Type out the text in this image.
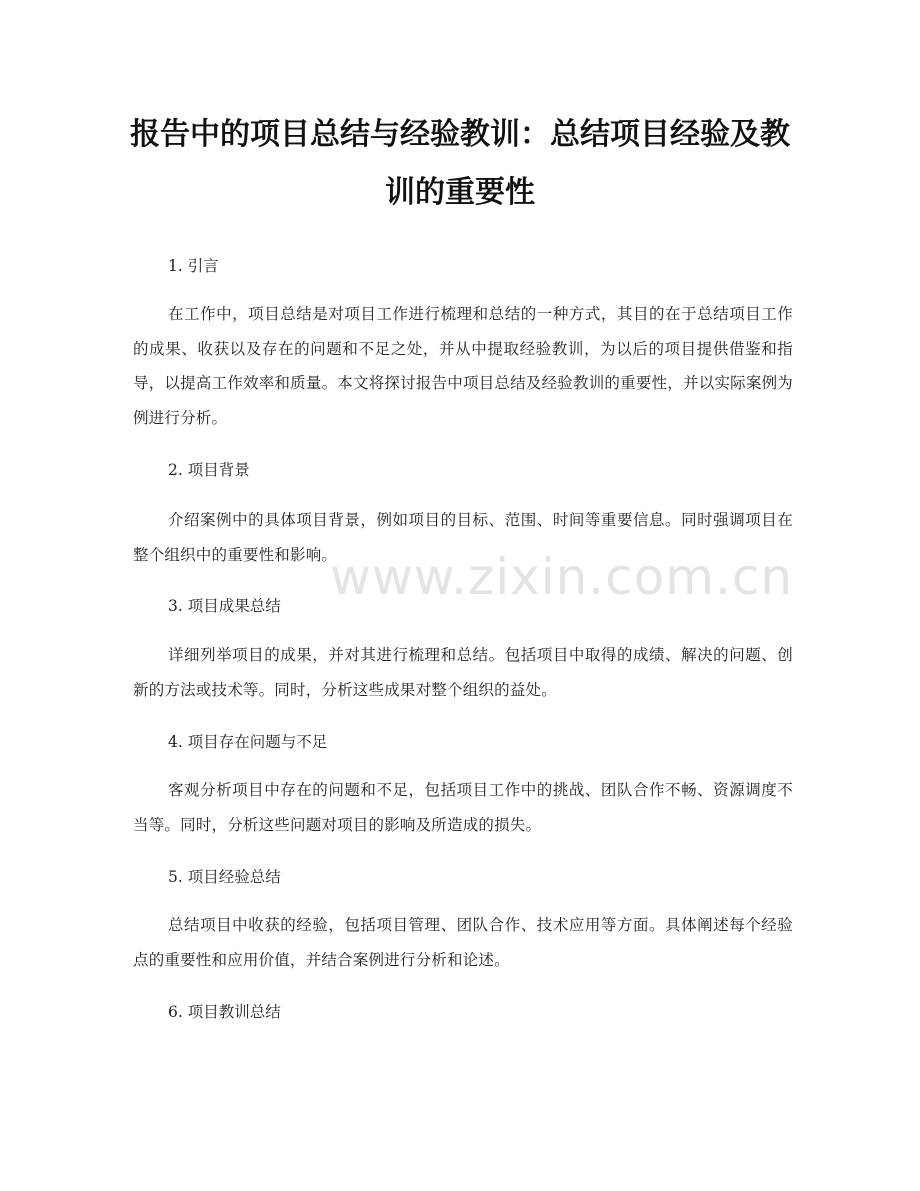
报告中的项目总结与经验教训：总结项目经验及教训的重要性
www.zixin.com.cn

1. 引言

在工作中，项目总结是对项目工作进行梳理和总结的一种方式，其目的在于总结项目工作的成果、收获以及存在的问题和不足之处，并从中提取经验教训，为以后的项目提供借鉴和指导，以提高工作效率和质量。本文将探讨报告中项目总结及经验教训的重要性，并以实际案例为例进行分析。

2. 项目背景

介绍案例中的具体项目背景，例如项目的目标、范围、时间等重要信息。同时强调项目在整个组织中的重要性和影响。

3. 项目成果总结

详细列举项目的成果，并对其进行梳理和总结。包括项目中取得的成绩、解决的问题、创新的方法或技术等。同时，分析这些成果对整个组织的益处。

4. 项目存在问题与不足

客观分析项目中存在的问题和不足，包括项目工作中的挑战、团队合作不畅、资源调度不当等。同时，分析这些问题对项目的影响及所造成的损失。

5. 项目经验总结

总结项目中收获的经验，包括项目管理、团队合作、技术应用等方面。具体阐述每个经验点的重要性和应用价值，并结合案例进行分析和论述。

6. 项目教训总结
